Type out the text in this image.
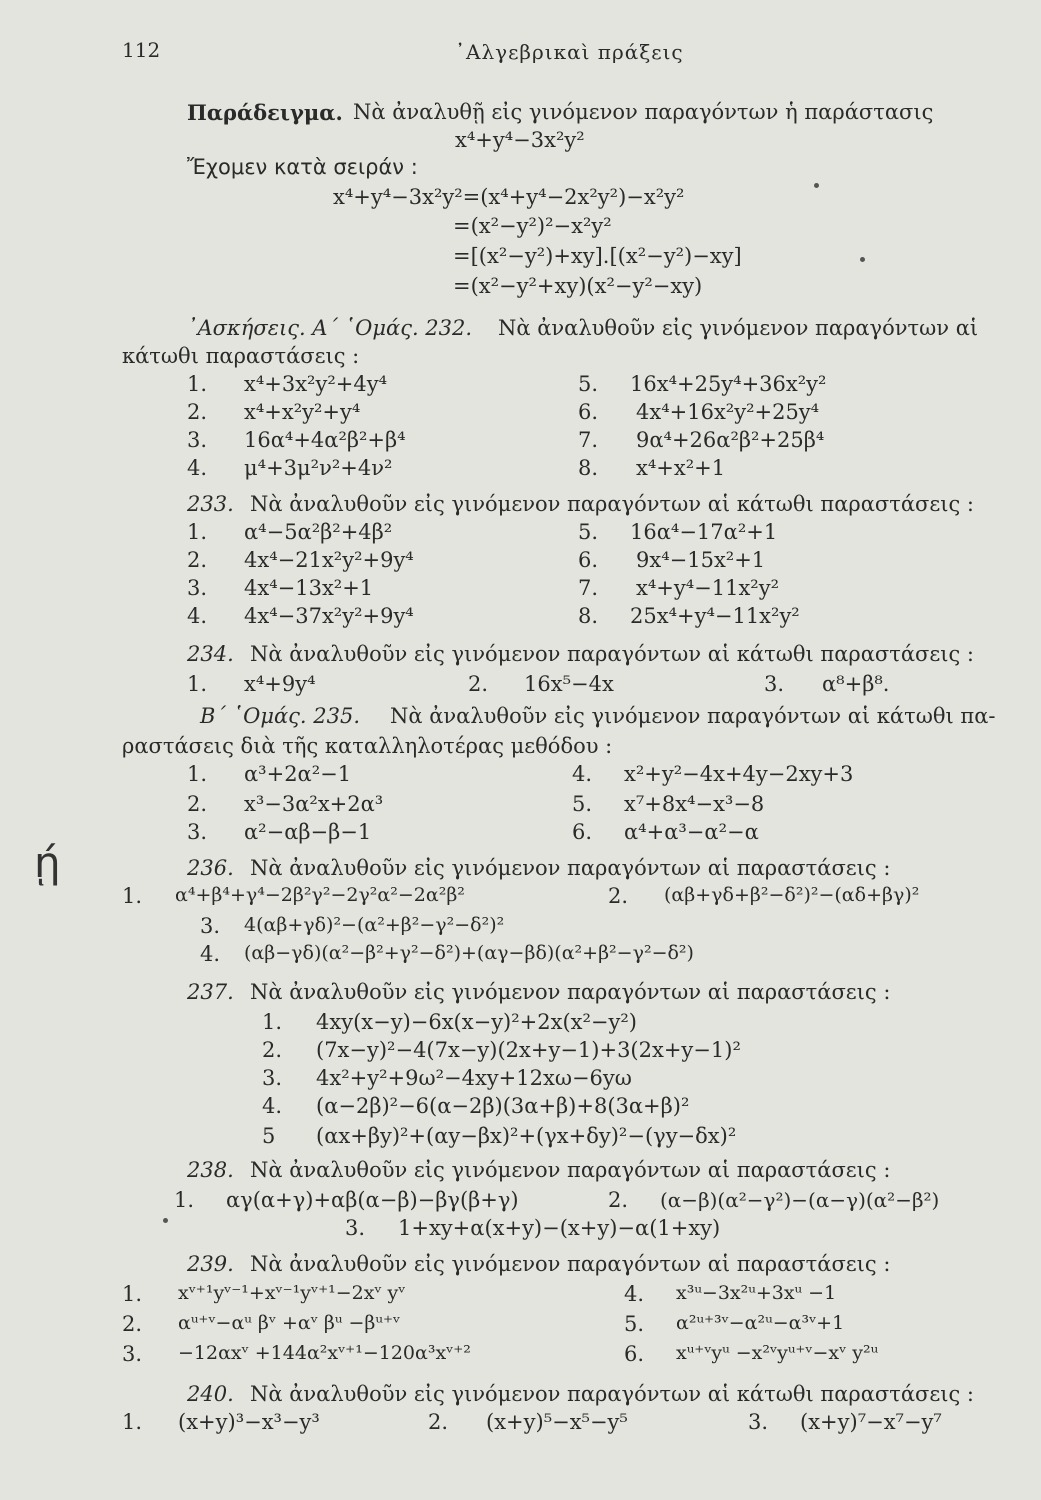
112	᾿Αλγεβρικαὶ πράξεις
Παράδειγμα. Νὰ ἀναλυθῇ εἰς γινόμενον παραγόντων ἡ παράστασις
x⁴+y⁴−3x²y²
Ἔχομεν κατὰ σειράν :
x⁴+y⁴−3x²y²=(x⁴+y⁴−2x²y²)−x²y²
=(x²−y²)²−x²y²
=[(x²−y²)+xy].[(x²−y²)−xy]
=(x²−y²+xy)(x²−y²−xy)
᾿Ασκήσεις. Α΄ ῾Ομάς. 232. Νὰ ἀναλυθοῦν εἰς γινόμενον παραγόντων αἱ
κάτωθι παραστάσεις :
1. x⁴+3x²y²+4y⁴	5. 16x⁴+25y⁴+36x²y²
2. x⁴+x²y²+y⁴	6. 4x⁴+16x²y²+25y⁴
3. 16α⁴+4α²β²+β⁴	7. 9α⁴+26α²β²+25β⁴
4. μ⁴+3μ²ν²+4ν²	8. x⁴+x²+1
233. Νὰ ἀναλυθοῦν εἰς γινόμενον παραγόντων αἱ κάτωθι παραστάσεις :
1. α⁴−5α²β²+4β²	5. 16α⁴−17α²+1
2. 4x⁴−21x²y²+9y⁴	6. 9x⁴−15x²+1
3. 4x⁴−13x²+1	7. x⁴+y⁴−11x²y²
4. 4x⁴−37x²y²+9y⁴	8. 25x⁴+y⁴−11x²y²
234. Νὰ ἀναλυθοῦν εἰς γινόμενον παραγόντων αἱ κάτωθι παραστάσεις :
1. x⁴+9y⁴	2. 16x⁵−4x	3. α⁸+β⁸.
Β΄ ῾Ομάς. 235. Νὰ ἀναλυθοῦν εἰς γινόμενον παραγόντων αἱ κάτωθι πα-
ραστάσεις διὰ τῆς καταλληλοτέρας μεθόδου :
1. α³+2α²−1	4. x²+y²−4x+4y−2xy+3
2. x³−3α²x+2α³	5. x⁷+8x⁴−x³−8
3. α²−αβ−β−1	6. α⁴+α³−α²−α
ῄ	236. Νὰ ἀναλυθοῦν εἰς γινόμενον παραγόντων αἱ παραστάσεις :
1. α⁴+β⁴+γ⁴−2β²γ²−2γ²α²−2α²β²	2. (αβ+γδ+β²−δ²)²−(αδ+βγ)²
3. 4(αβ+γδ)²−(α²+β²−γ²−δ²)²
4. (αβ−γδ)(α²−β²+γ²−δ²)+(αγ−βδ)(α²+β²−γ²−δ²)
237. Νὰ ἀναλυθοῦν εἰς γινόμενον παραγόντων αἱ παραστάσεις :
1. 4xy(x−y)−6x(x−y)²+2x(x²−y²)
2. (7x−y)²−4(7x−y)(2x+y−1)+3(2x+y−1)²
3. 4x²+y²+9ω²−4xy+12xω−6yω
4. (α−2β)²−6(α−2β)(3α+β)+8(3α+β)²
5 (αx+βy)²+(αy−βx)²+(γx+δy)²−(γy−δx)²
238. Νὰ ἀναλυθοῦν εἰς γινόμενον παραγόντων αἱ παραστάσεις :
1. αγ(α+γ)+αβ(α−β)−βγ(β+γ)	2. (α−β)(α²−γ²)−(α−γ)(α²−β²)
3. 1+xy+α(x+y)−(x+y)−α(1+xy)
239. Νὰ ἀναλυθοῦν εἰς γινόμενον παραγόντων αἱ παραστάσεις :
1. xᵛ⁺¹yᵛ⁻¹+xᵛ⁻¹yᵛ⁺¹−2xᵛ yᵛ	4. x³ᵘ−3x²ᵘ+3xᵘ −1
2. αᵘ⁺ᵛ−αᵘ βᵛ +αᵛ βᵘ −βᵘ⁺ᵛ	5. α²ᵘ⁺³ᵛ−α²ᵘ−α³ᵛ+1
3. −12αxᵛ +144α²xᵛ⁺¹−120α³xᵛ⁺²	6. xᵘ⁺ᵛyᵘ −x²ᵛyᵘ⁺ᵛ−xᵛ y²ᵘ
240. Νὰ ἀναλυθοῦν εἰς γινόμενον παραγόντων αἱ κάτωθι παραστάσεις :
1. (x+y)³−x³−y³	2. (x+y)⁵−x⁵−y⁵	3. (x+y)⁷−x⁷−y⁷
